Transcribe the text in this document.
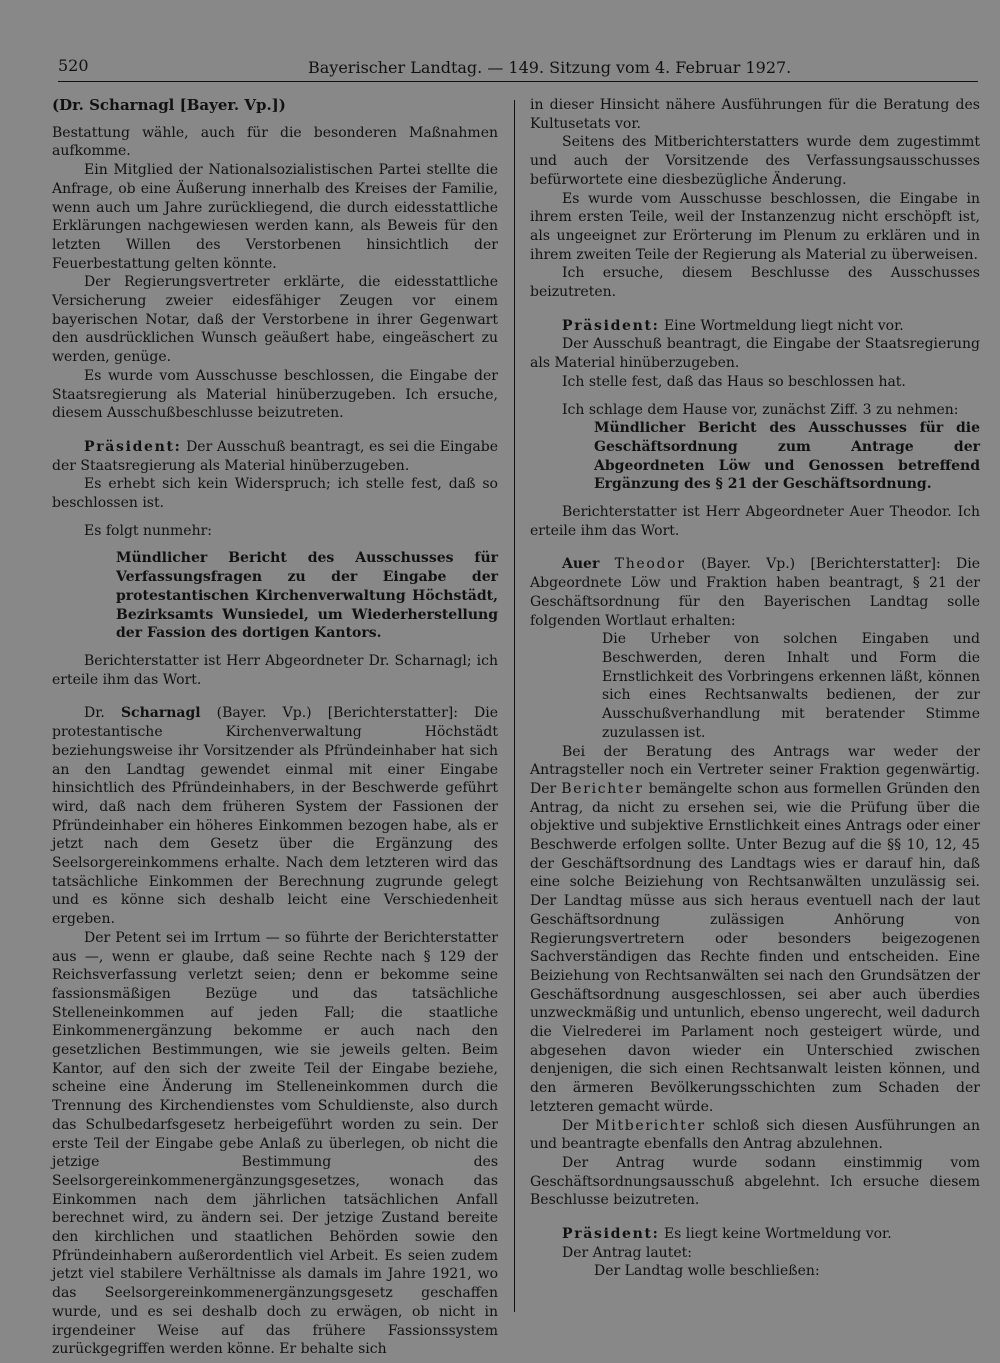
520	Bayerischer Landtag. — 149. Sitzung vom 4. Februar 1927.

(Dr. Scharnagl [Bayer. Vp.])

Bestattung wähle, auch für die besonderen Maßnahmen aufkomme.

Ein Mitglied der Nationalsozialistischen Partei stellte die Anfrage, ob eine Äußerung innerhalb des Kreises der Familie, wenn auch um Jahre zurückliegend, die durch eidesstattliche Erklärungen nachgewiesen werden kann, als Beweis für den letzten Willen des Verstorbenen hinsichtlich der Feuerbestattung gelten könnte.

Der Regierungsvertreter erklärte, die eidesstattliche Versicherung zweier eidesfähiger Zeugen vor einem bayerischen Notar, daß der Verstorbene in ihrer Gegenwart den ausdrücklichen Wunsch geäußert habe, eingeäschert zu werden, genüge.

Es wurde vom Ausschusse beschlossen, die Eingabe der Staatsregierung als Material hinüberzugeben. Ich ersuche, diesem Ausschußbeschlusse beizutreten.

Präsident: Der Ausschuß beantragt, es sei die Eingabe der Staatsregierung als Material hinüberzugeben.

Es erhebt sich kein Widerspruch; ich stelle fest, daß so beschlossen ist.

Es folgt nunmehr:

Mündlicher Bericht des Ausschusses für Verfassungsfragen zu der Eingabe der protestantischen Kirchenverwaltung Höchstädt, Bezirksamts Wunsiedel, um Wiederherstellung der Fassion des dortigen Kantors.

Berichterstatter ist Herr Abgeordneter Dr. Scharnagl; ich erteile ihm das Wort.

Dr. Scharnagl (Bayer. Vp.) [Berichterstatter]: Die protestantische Kirchenverwaltung Höchstädt beziehungsweise ihr Vorsitzender als Pfründeinhaber hat sich an den Landtag gewendet einmal mit einer Eingabe hinsichtlich des Pfründeinhabers, in der Beschwerde geführt wird, daß nach dem früheren System der Fassionen der Pfründeinhaber ein höheres Einkommen bezogen habe, als er jetzt nach dem Gesetz über die Ergänzung des Seelsorgereinkommens erhalte. Nach dem letzteren wird das tatsächliche Einkommen der Berechnung zugrunde gelegt und es könne sich deshalb leicht eine Verschiedenheit ergeben.

Der Petent sei im Irrtum — so führte der Berichterstatter aus —, wenn er glaube, daß seine Rechte nach § 129 der Reichsverfassung verletzt seien; denn er bekomme seine fassionsmäßigen Bezüge und das tatsächliche Stelleneinkommen auf jeden Fall; die staatliche Einkommenergänzung bekomme er auch nach den gesetzlichen Bestimmungen, wie sie jeweils gelten. Beim Kantor, auf den sich der zweite Teil der Eingabe beziehe, scheine eine Änderung im Stelleneinkommen durch die Trennung des Kirchendienstes vom Schuldienste, also durch das Schulbedarfsgesetz herbeigeführt worden zu sein. Der erste Teil der Eingabe gebe Anlaß zu überlegen, ob nicht die jetzige Bestimmung des Seelsorgereinkommenergänzungsgesetzes, wonach das Einkommen nach dem jährlichen tatsächlichen Anfall berechnet wird, zu ändern sei. Der jetzige Zustand bereite den kirchlichen und staatlichen Behörden sowie den Pfründeinhabern außerordentlich viel Arbeit. Es seien zudem jetzt viel stabilere Verhältnisse als damals im Jahre 1921, wo das Seelsorgereinkommenergänzungsgesetz geschaffen wurde, und es sei deshalb doch zu erwägen, ob nicht in irgendeiner Weise auf das frühere Fassionssystem zurückgegriffen werden könne. Er behalte sich

in dieser Hinsicht nähere Ausführungen für die Beratung des Kultusetats vor.

Seitens des Mitberichterstatters wurde dem zugestimmt und auch der Vorsitzende des Verfassungsausschusses befürwortete eine diesbezügliche Änderung.

Es wurde vom Ausschusse beschlossen, die Eingabe in ihrem ersten Teile, weil der Instanzenzug nicht erschöpft ist, als ungeeignet zur Erörterung im Plenum zu erklären und in ihrem zweiten Teile der Regierung als Material zu überweisen.

Ich ersuche, diesem Beschlusse des Ausschusses beizutreten.

Präsident: Eine Wortmeldung liegt nicht vor.

Der Ausschuß beantragt, die Eingabe der Staatsregierung als Material hinüberzugeben.

Ich stelle fest, daß das Haus so beschlossen hat.

Ich schlage dem Hause vor, zunächst Ziff. 3 zu nehmen:

Mündlicher Bericht des Ausschusses für die Geschäftsordnung zum Antrage der Abgeordneten Löw und Genossen betreffend Ergänzung des § 21 der Geschäftsordnung.

Berichterstatter ist Herr Abgeordneter Auer Theodor. Ich erteile ihm das Wort.

Auer Theodor (Bayer. Vp.) [Berichterstatter]: Die Abgeordnete Löw und Fraktion haben beantragt, § 21 der Geschäftsordnung für den Bayerischen Landtag solle folgenden Wortlaut erhalten:

Die Urheber von solchen Eingaben und Beschwerden, deren Inhalt und Form die Ernstlichkeit des Vorbringens erkennen läßt, können sich eines Rechtsanwalts bedienen, der zur Ausschußverhandlung mit beratender Stimme zuzulassen ist.

Bei der Beratung des Antrags war weder der Antragsteller noch ein Vertreter seiner Fraktion gegenwärtig. Der Berichter bemängelte schon aus formellen Gründen den Antrag, da nicht zu ersehen sei, wie die Prüfung über die objektive und subjektive Ernstlichkeit eines Antrags oder einer Beschwerde erfolgen sollte. Unter Bezug auf die §§ 10, 12, 45 der Geschäftsordnung des Landtags wies er darauf hin, daß eine solche Beiziehung von Rechtsanwälten unzulässig sei. Der Landtag müsse aus sich heraus eventuell nach der laut Geschäftsordnung zulässigen Anhörung von Regierungsvertretern oder besonders beigezogenen Sachverständigen das Rechte finden und entscheiden. Eine Beiziehung von Rechtsanwälten sei nach den Grundsätzen der Geschäftsordnung ausgeschlossen, sei aber auch überdies unzweckmäßig und untunlich, ebenso ungerecht, weil dadurch die Vielrederei im Parlament noch gesteigert würde, und abgesehen davon wieder ein Unterschied zwischen denjenigen, die sich einen Rechtsanwalt leisten können, und den ärmeren Bevölkerungsschichten zum Schaden der letzteren gemacht würde.

Der Mitberichter schloß sich diesen Ausführungen an und beantragte ebenfalls den Antrag abzulehnen.

Der Antrag wurde sodann einstimmig vom Geschäftsordnungsausschuß abgelehnt. Ich ersuche diesem Beschlusse beizutreten.

Präsident: Es liegt keine Wortmeldung vor.

Der Antrag lautet:

Der Landtag wolle beschließen:
